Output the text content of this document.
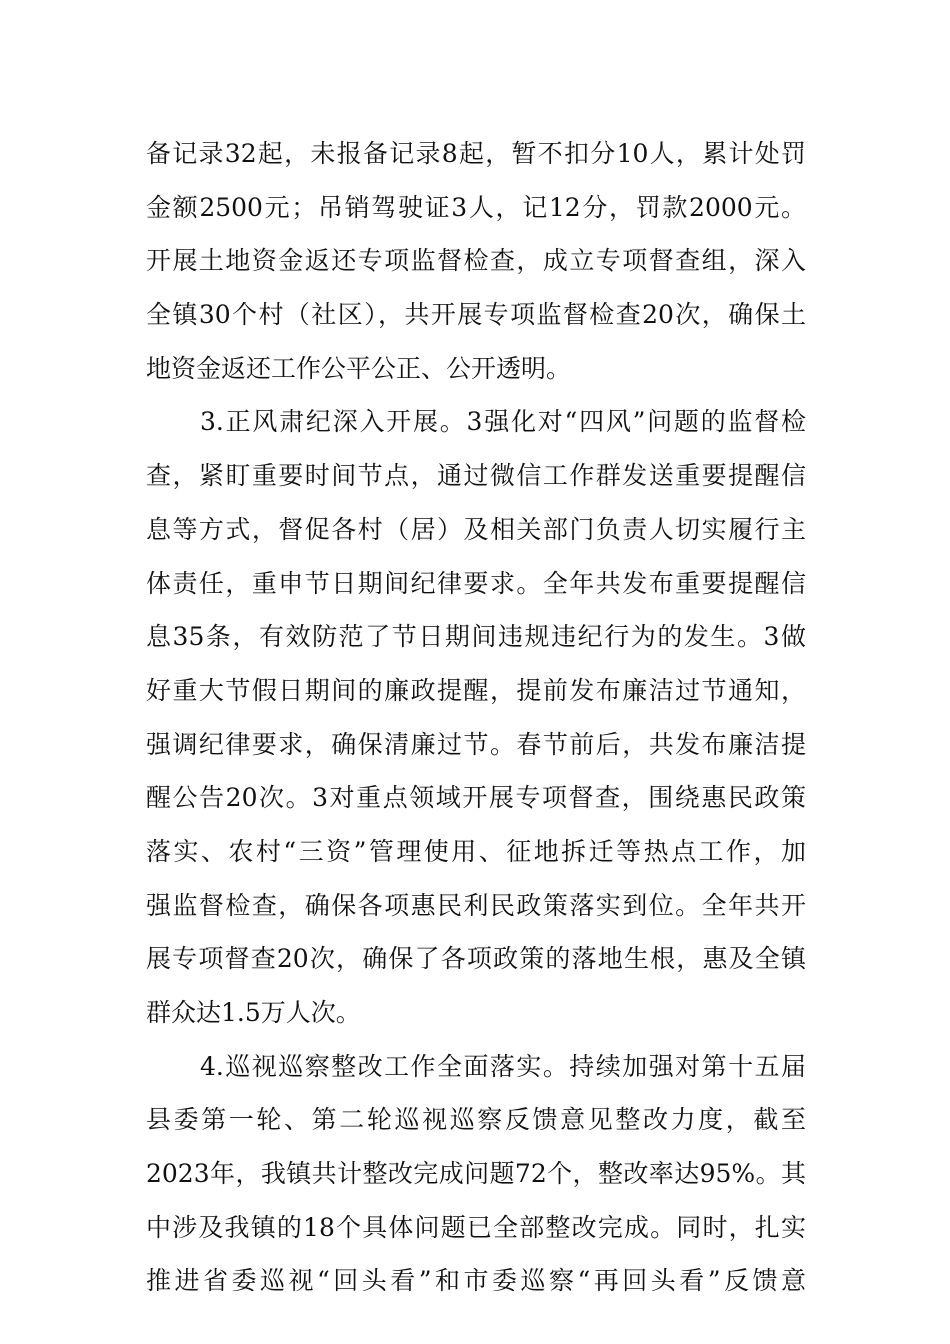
备记录32起，未报备记录8起，暂不扣分10人，累计处罚
金额2500元；吊销驾驶证3人，记12分，罚款2000元。
开展土地资金返还专项监督检查，成立专项督查组，深入
全镇30个村（社区），共开展专项监督检查20次，确保土
地资金返还工作公平公正、公开透明。
3.正风肃纪深入开展。3强化对“四风”问题的监督检
查，紧盯重要时间节点，通过微信工作群发送重要提醒信
息等方式，督促各村（居）及相关部门负责人切实履行主
体责任，重申节日期间纪律要求。全年共发布重要提醒信
息35条，有效防范了节日期间违规违纪行为的发生。3做
好重大节假日期间的廉政提醒，提前发布廉洁过节通知，
强调纪律要求，确保清廉过节。春节前后，共发布廉洁提
醒公告20次。3对重点领域开展专项督查，围绕惠民政策
落实、农村“三资”管理使用、征地拆迁等热点工作，加
强监督检查，确保各项惠民利民政策落实到位。全年共开
展专项督查20次，确保了各项政策的落地生根，惠及全镇
群众达1.5万人次。
4.巡视巡察整改工作全面落实。持续加强对第十五届
县委第一轮、第二轮巡视巡察反馈意见整改力度，截至
2023年，我镇共计整改完成问题72个，整改率达95%。其
中涉及我镇的18个具体问题已全部整改完成。同时，扎实
推进省委巡视“回头看”和市委巡察“再回头看”反馈意
